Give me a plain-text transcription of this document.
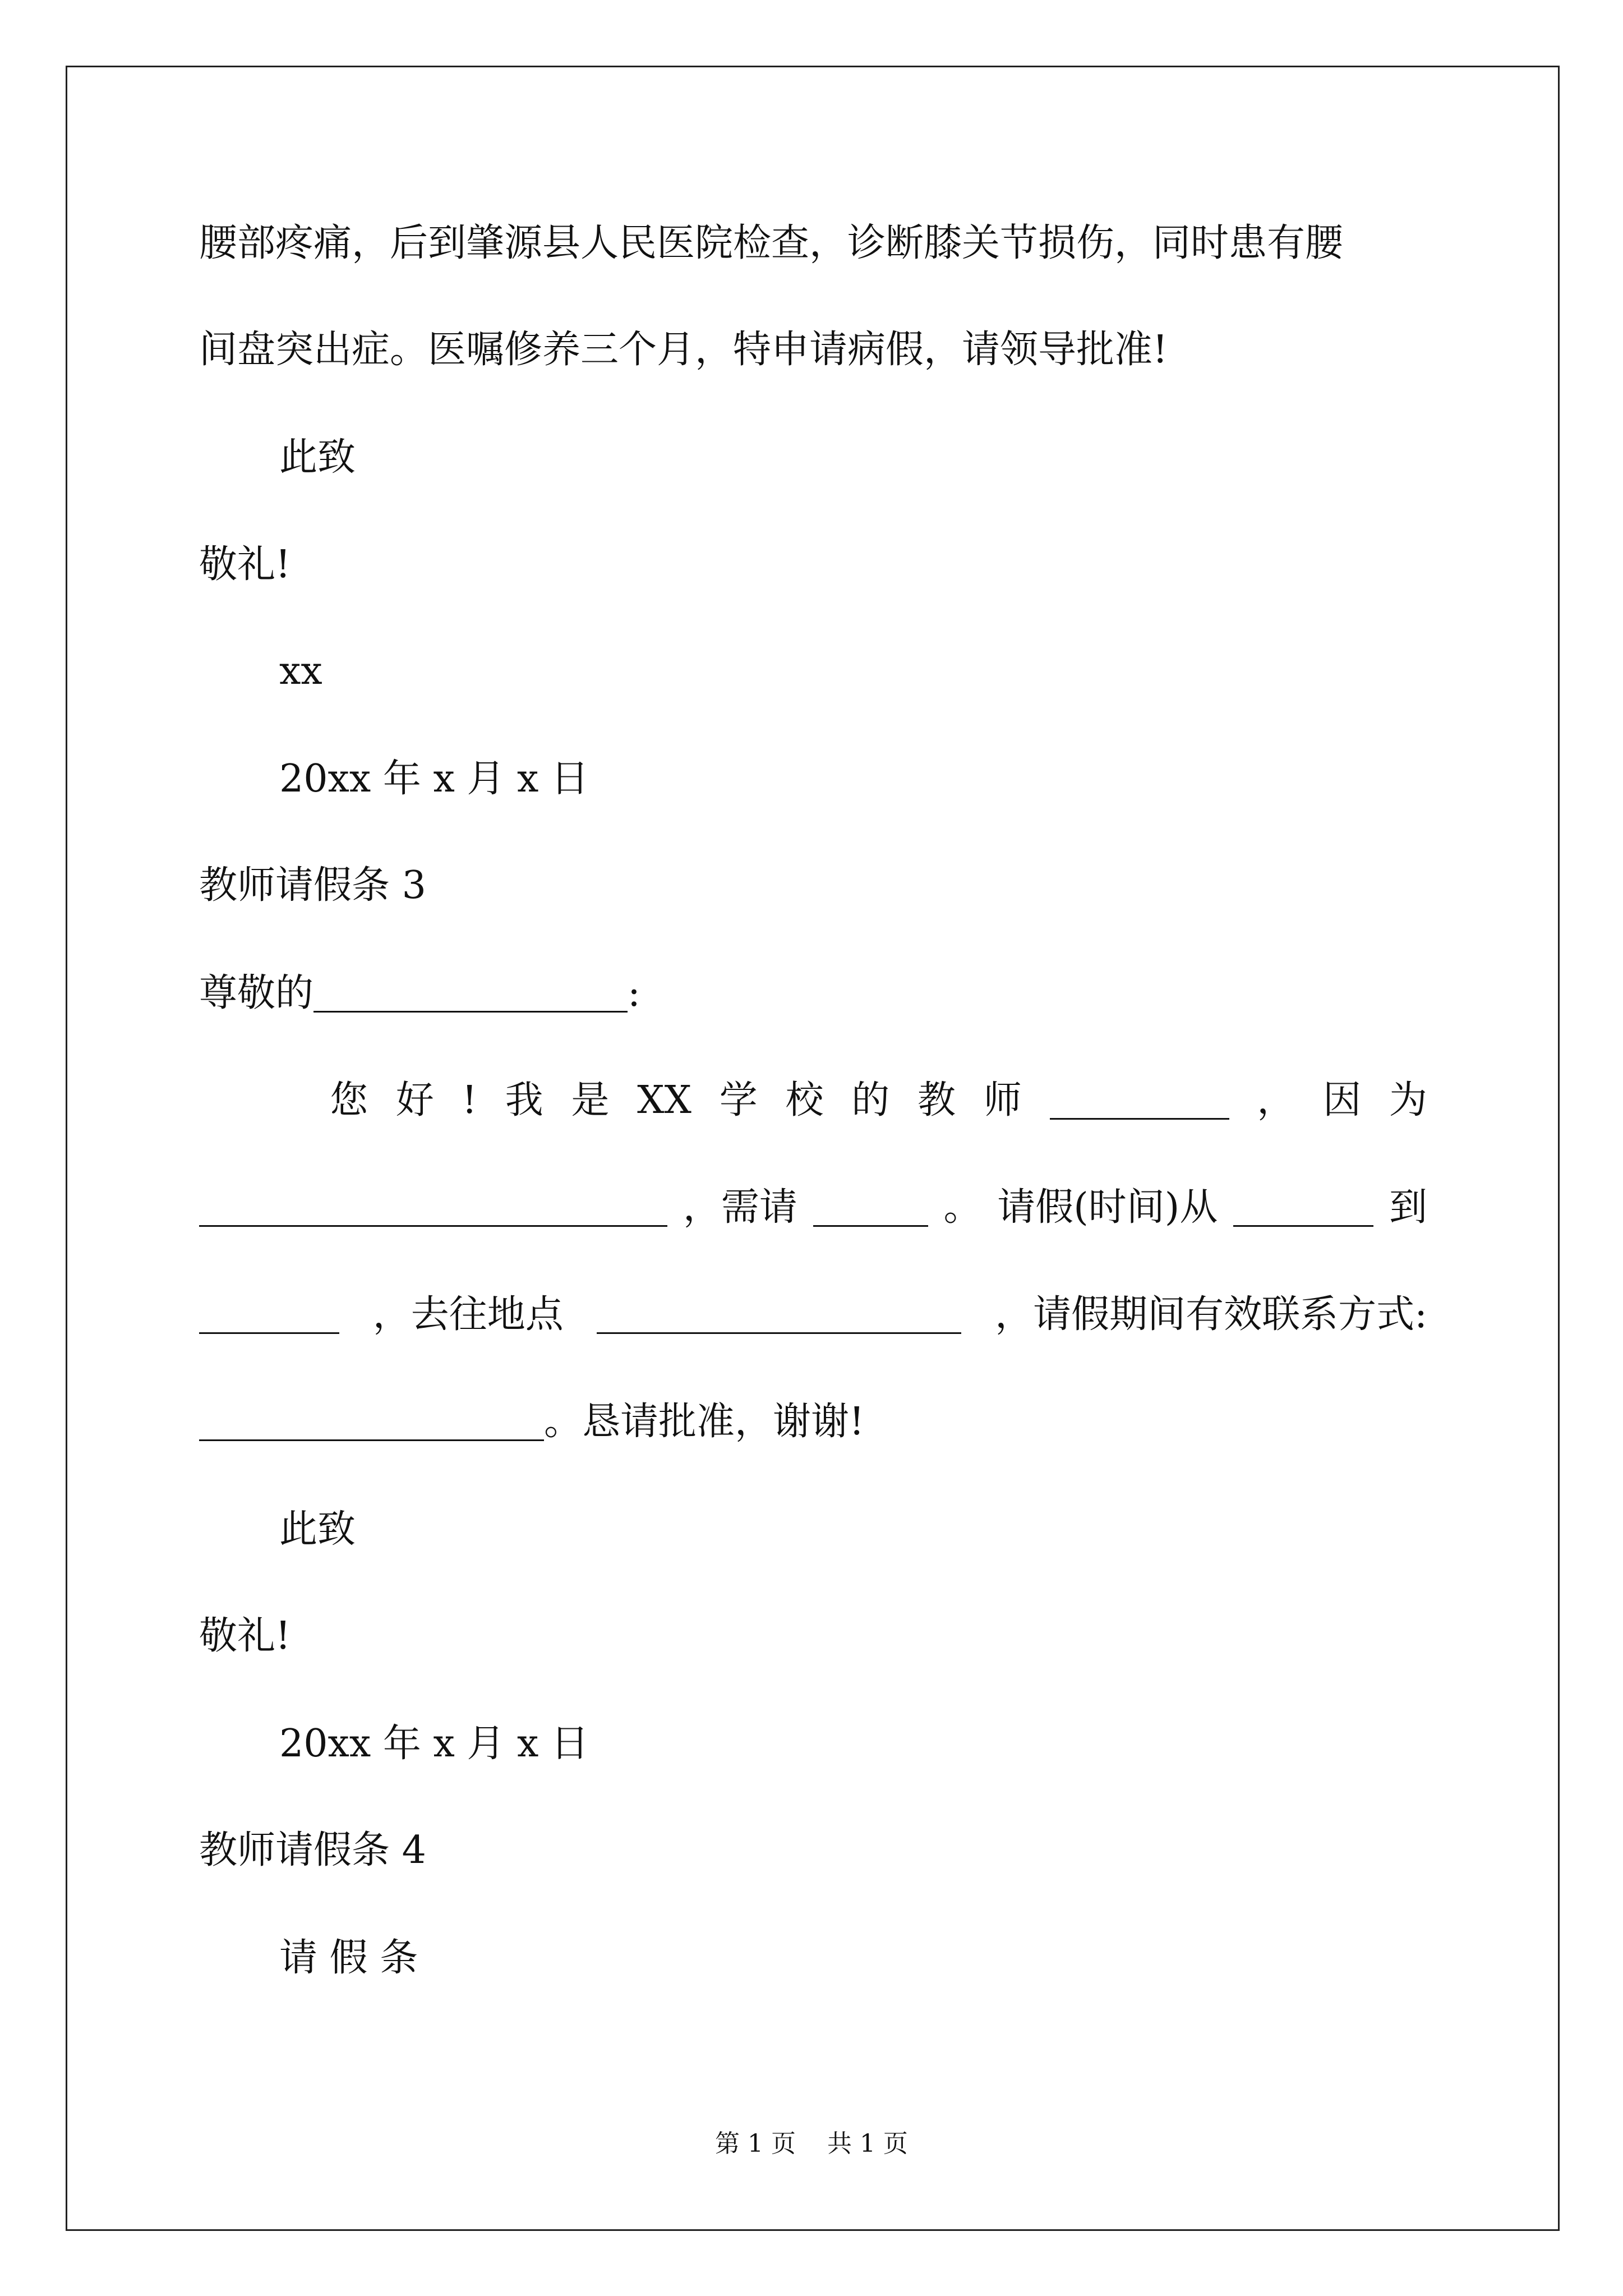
腰部疼痛，后到肇源县人民医院检查，诊断膝关节损伤，同时患有腰

间盘突出症。医嘱修养三个月，特申请病假，请领导批准!

此致

敬礼!

xx

20xx 年 x 月 x 日

教师请假条 3

尊敬的	:

您 好 ! 我 是 XX 学 校 的 教 师	， 因 为
，需请	。 请假(时间)从	到
，去往地点	，请假期间有效联系方式:

。恳请批准，谢谢!

此致

敬礼!

20xx 年 x 月 x 日

教师请假条 4

请 假 条

第 1 页    共 1 页
